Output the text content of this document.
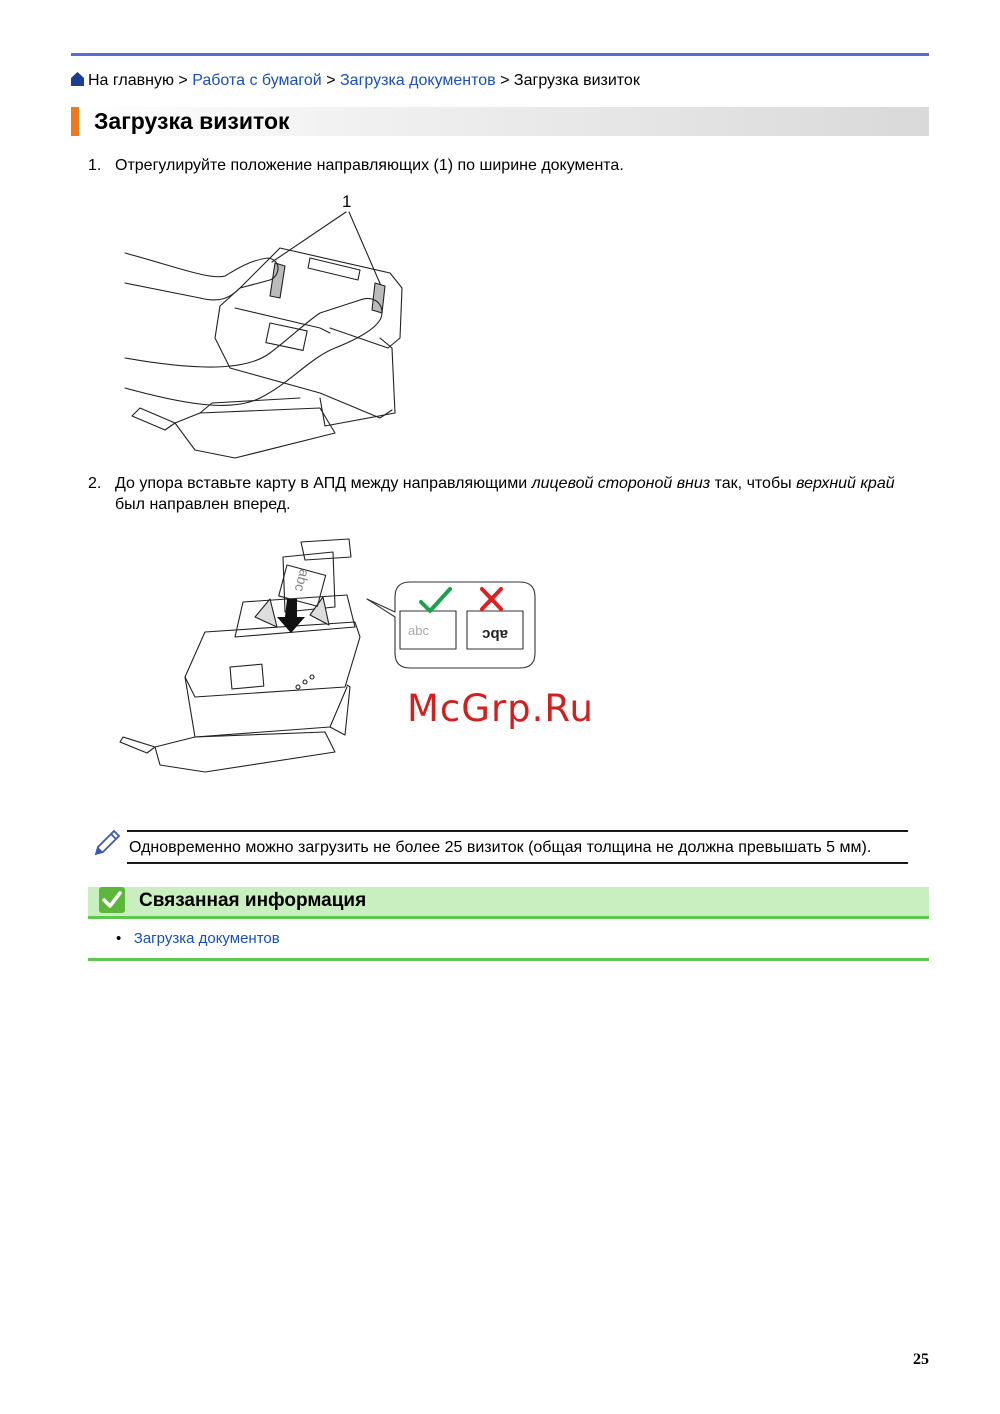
На главную > Работа с бумагой > Загрузка документов > Загрузка визиток
Загрузка визиток
1. Отрегулируйте положение направляющих (1) по ширине документа.
1
2. До упора вставьте карту в АПД между направляющими лицевой стороной вниз так, чтобы верхний край был направлен вперед.
abc
abc	abc
McGrp.Ru
Одновременно можно загрузить не более 25 визиток (общая толщина не должна превышать 5 мм).
Связанная информация
• Загрузка документов
25
